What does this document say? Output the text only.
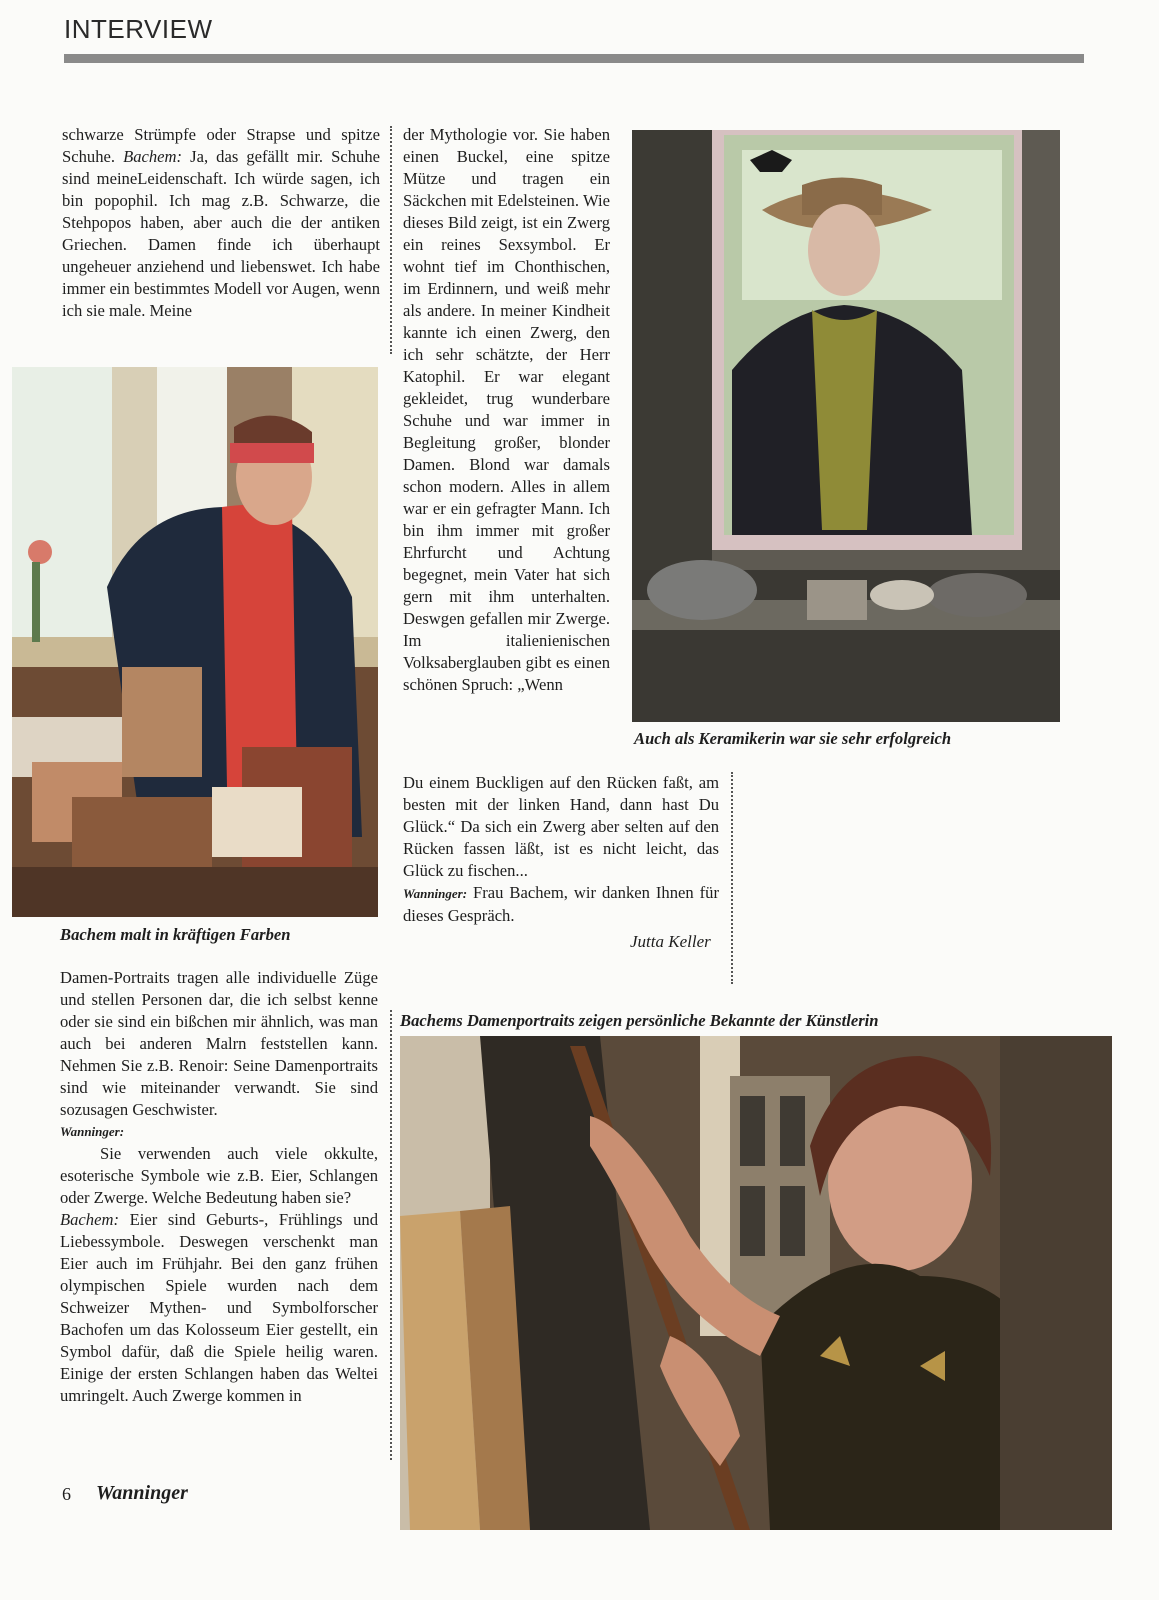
INTERVIEW

schwarze Strümpfe oder Strapse und spitze Schuhe. Bachem: Ja, das gefällt mir. Schuhe sind meineLeidenschaft. Ich würde sagen, ich bin popophil. Ich mag z.B. Schwarze, die Stehpopos haben, aber auch die der antiken Griechen. Damen finde ich überhaupt ungeheuer anziehend und liebenswet. Ich habe immer ein bestimmtes Modell vor Augen, wenn ich sie male. Meine

Bachem malt in kräftigen Farben

Damen-Portraits tragen alle individuelle Züge und stellen Personen dar, die ich selbst kenne oder sie sind ein bißchen mir ähnlich, was man auch bei anderen Malrn feststellen kann. Nehmen Sie z.B. Renoir: Seine Damenportraits sind wie miteinander verwandt. Sie sind sozusagen Geschwister.

Wanninger:

Sie verwenden auch viele okkulte, esoterische Symbole wie z.B. Eier, Schlangen oder Zwerge. Welche Bedeutung haben sie?

Bachem: Eier sind Geburts-, Frühlings und Liebessymbole. Deswegen verschenkt man Eier auch im Frühjahr. Bei den ganz frühen olympischen Spiele wurden nach dem Schweizer Mythen- und Symbolforscher Bachofen um das Kolosseum Eier gestellt, ein Symbol dafür, daß die Spiele heilig waren. Einige der ersten Schlangen haben das Weltei umringelt. Auch Zwerge kommen in

der Mythologie vor. Sie haben einen Buckel, eine spitze Mütze und tragen ein Säckchen mit Edelsteinen. Wie dieses Bild zeigt, ist ein Zwerg ein reines Sexsymbol. Er wohnt tief im Chonthischen, im Erdinnern, und weiß mehr als andere. In meiner Kindheit kannte ich einen Zwerg, den ich sehr schätzte, der Herr Katophil. Er war elegant gekleidet, trug wunderbare Schuhe und war immer in Begleitung großer, blonder Damen. Blond war damals schon modern. Alles in allem war er ein gefragter Mann. Ich bin ihm immer mit großer Ehrfurcht und Achtung begegnet, mein Vater hat sich gern mit ihm unterhalten. Deswgen gefallen mir Zwerge. Im italienienischen Volksaberglauben gibt es einen schönen Spruch: „Wenn

Du einem Buckligen auf den Rücken faßt, am besten mit der linken Hand, dann hast Du Glück.“ Da sich ein Zwerg aber selten auf den Rücken fassen läßt, ist es nicht leicht, das Glück zu fischen...

Wanninger: Frau Bachem, wir danken Ihnen für dieses Gespräch.

Jutta Keller
Auch als Keramikerin war sie sehr erfolgreich
Bachems Damenportraits zeigen persönliche Bekannte der Künstlerin
6 Wanninger
